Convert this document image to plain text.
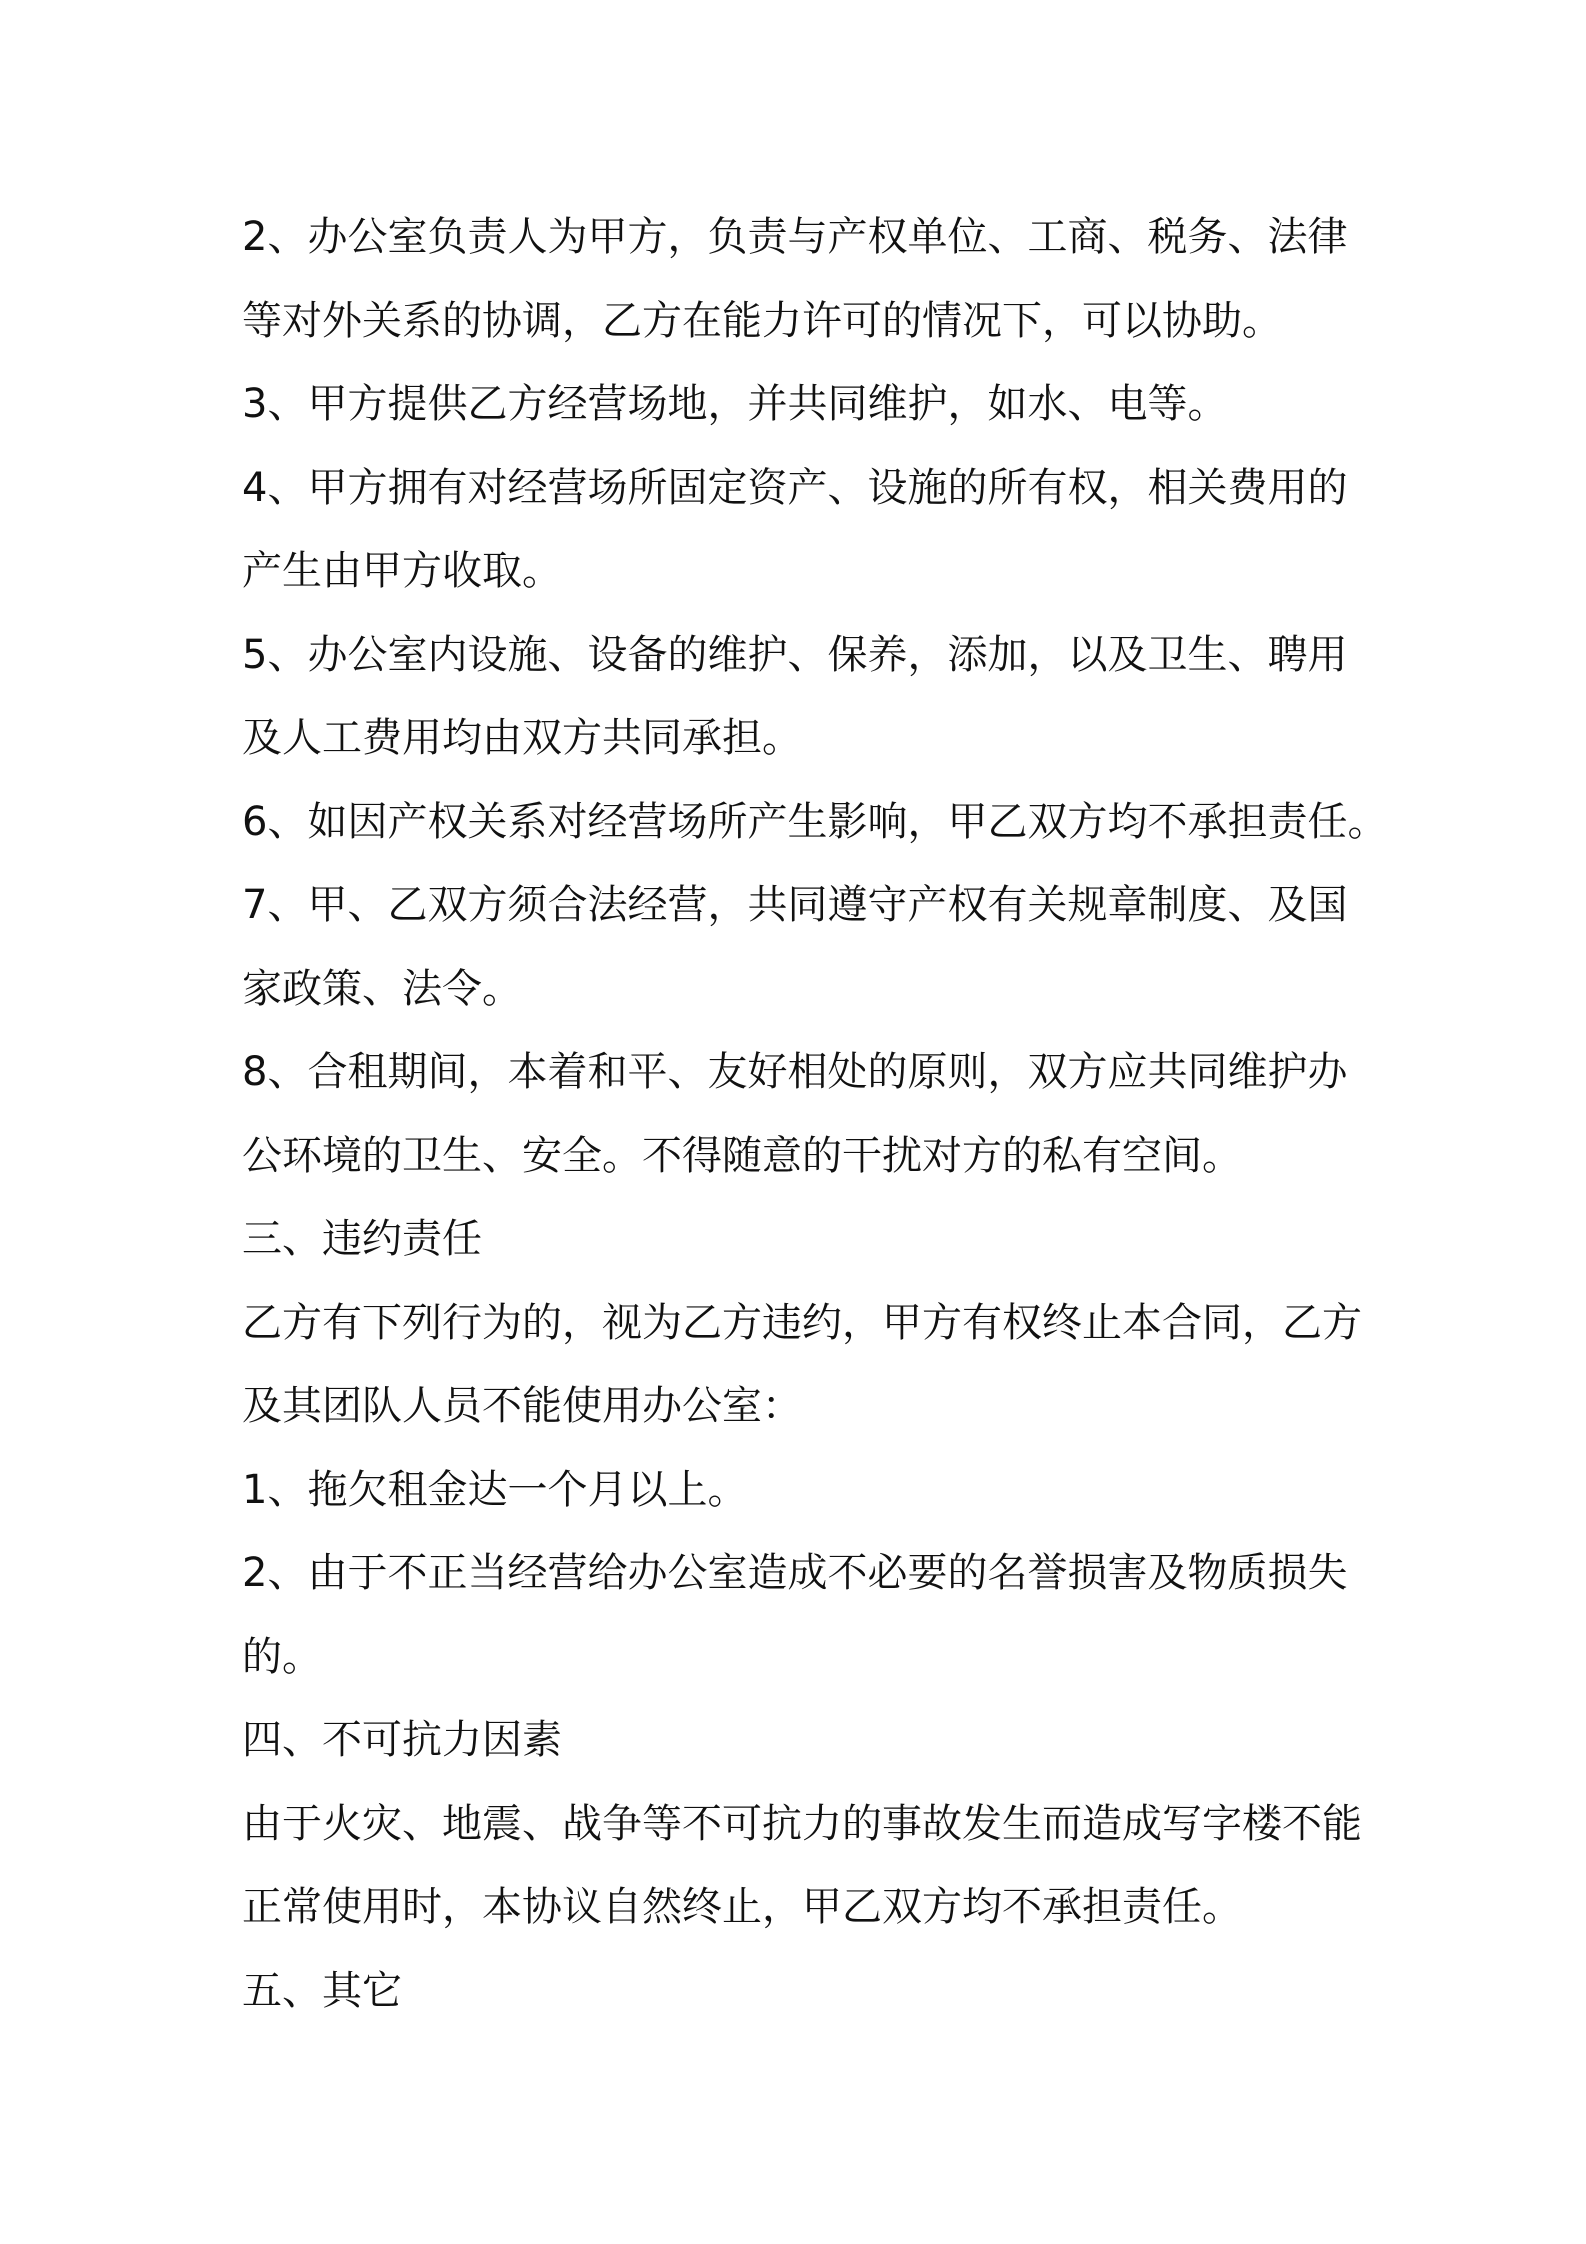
2、办公室负责人为甲方，负责与产权单位、工商、税务、法律
等对外关系的协调，乙方在能力许可的情况下，可以协助。
3、甲方提供乙方经营场地，并共同维护，如水、电等。
4、甲方拥有对经营场所固定资产、设施的所有权，相关费用的
产生由甲方收取。
5、办公室内设施、设备的维护、保养，添加，以及卫生、聘用
及人工费用均由双方共同承担。
6、如因产权关系对经营场所产生影响，甲乙双方均不承担责任。
7、甲、乙双方须合法经营，共同遵守产权有关规章制度、及国
家政策、法令。
8、合租期间，本着和平、友好相处的原则，双方应共同维护办
公环境的卫生、安全。不得随意的干扰对方的私有空间。
三、违约责任
乙方有下列行为的，视为乙方违约，甲方有权终止本合同，乙方
及其团队人员不能使用办公室：
1、拖欠租金达一个月以上。
2、由于不正当经营给办公室造成不必要的名誉损害及物质损失
的。
四、不可抗力因素
由于火灾、地震、战争等不可抗力的事故发生而造成写字楼不能
正常使用时，本协议自然终止，甲乙双方均不承担责任。
五、其它
